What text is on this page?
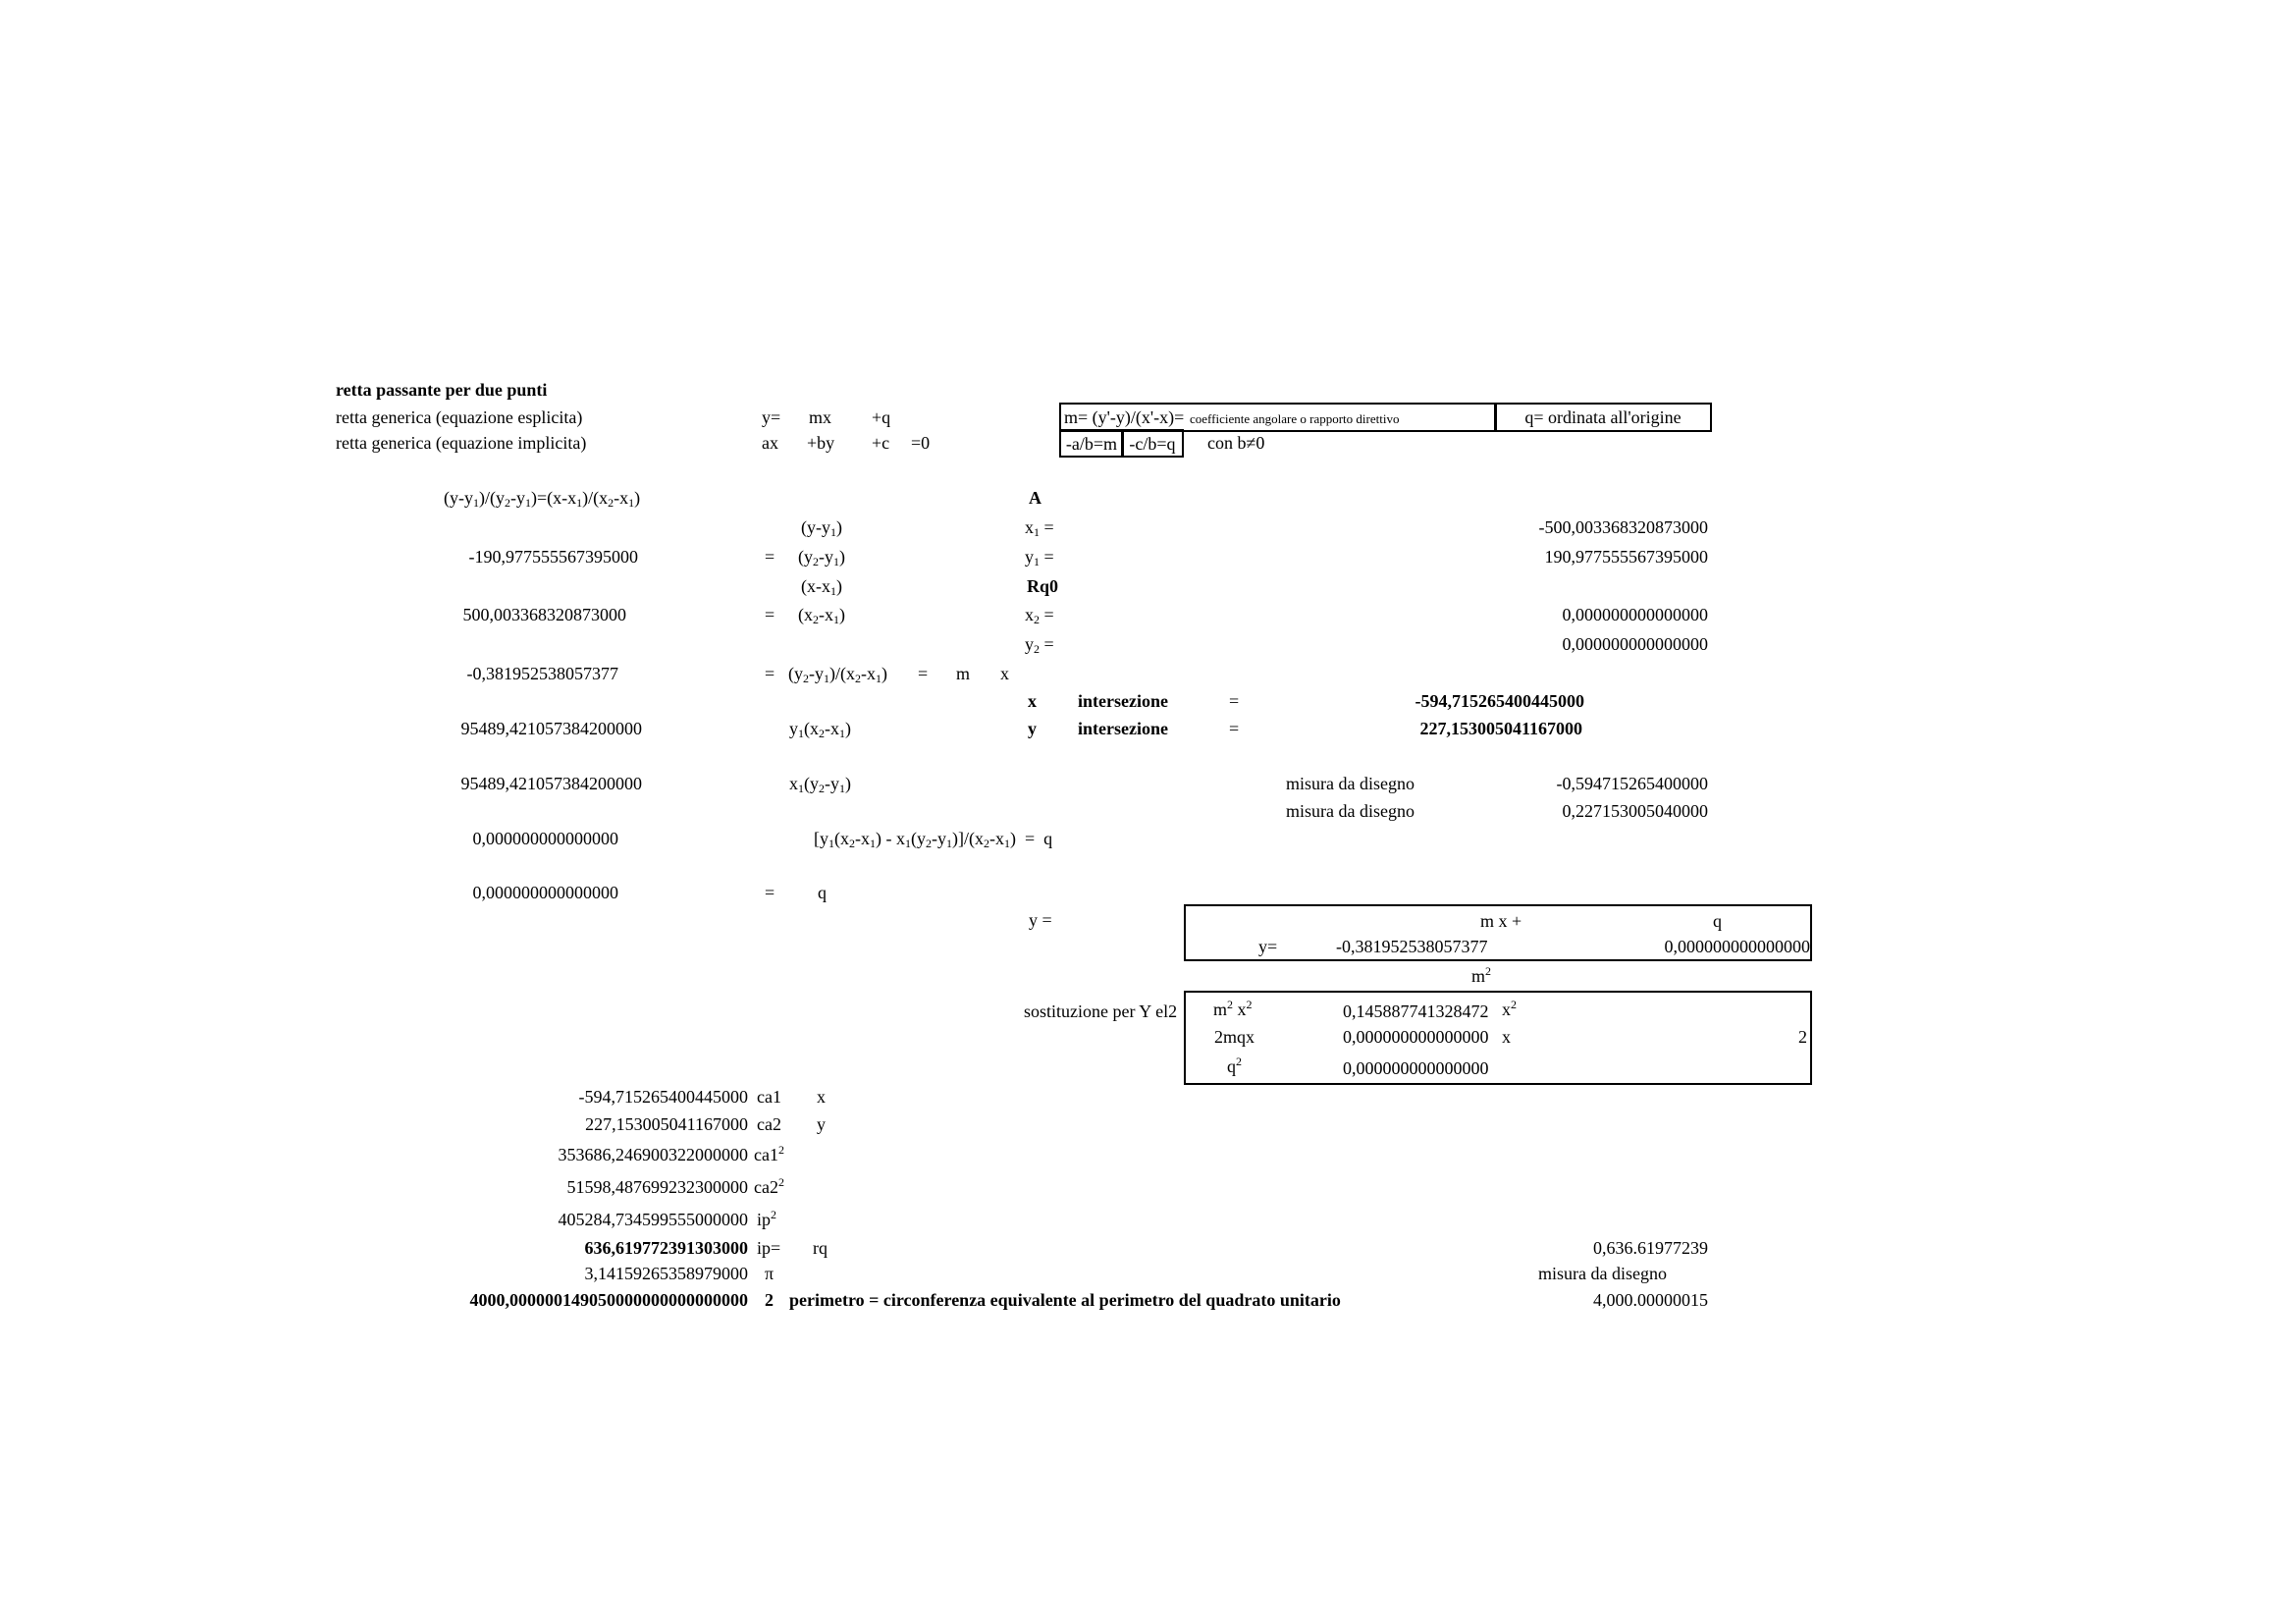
retta passante per due punti
retta generica (equazione esplicita)	y= mx +q
retta generica (equazione implicita)	ax +by +c =0
m= (y'-y)/(x'-x)= coefficiente angolare o rapporto direttivo	q= ordinata all'origine
-a/b=m -c/b=q	con b≠0
$(y-y_1)/(y_2-y_1)=(x-x_1)/(x_2-x_1)$	A
$(y-y_1)$	$x_1$ =	-500,003368320873000
-190,977555567395000	= $(y_2-y_1)$	$y_1$ =	190,977555567395000
$(x-x_1)$	Rq0
500,003368320873000	= $(x_2-x_1)$	$x_2$ =	0,000000000000000
$y_2$ =	0,000000000000000
-0,381952538057377	= $(y_2-y_1)/(x_2-x_1) = m$ x
x intersezione	=	-594,715265400445000
95489,421057384200000	$y_1(x_2-x_1)$	y intersezione	=	227,153005041167000
95489,421057384200000	$x_1(y_2-y_1)$	misura da disegno	-0,594715265400000
misura da disegno	0,227153005040000
0,000000000000000	$[y_1(x_2-x_1) - x_1(y_2-y_1)]/(x_2-x_1) = q$
0,000000000000000	= q
y =	m x +	q
y=	-0,381952538057377	0,000000000000000
$m^2$
sostituzione per Y el2 $m^2$ $x^2$	0,145887741328472 $x^2$
2mqx	0,000000000000000 x	2
$q^2$	0,000000000000000
-594,715265400445000 ca1 x
227,153005041167000 ca2 y
353686,246900322000000 $ca1^2$
51598,487699232300000 $ca2^2$
405284,734599555000000 $ip^2$
636,619772391303000 ip= rq	0,636.61977239
3,14159265358979000 π	misura da disegno
4000,000000149050000000000000000 2 perimetro = circonferenza equivalente al perimetro del quadrato unitario	4,000.00000015
